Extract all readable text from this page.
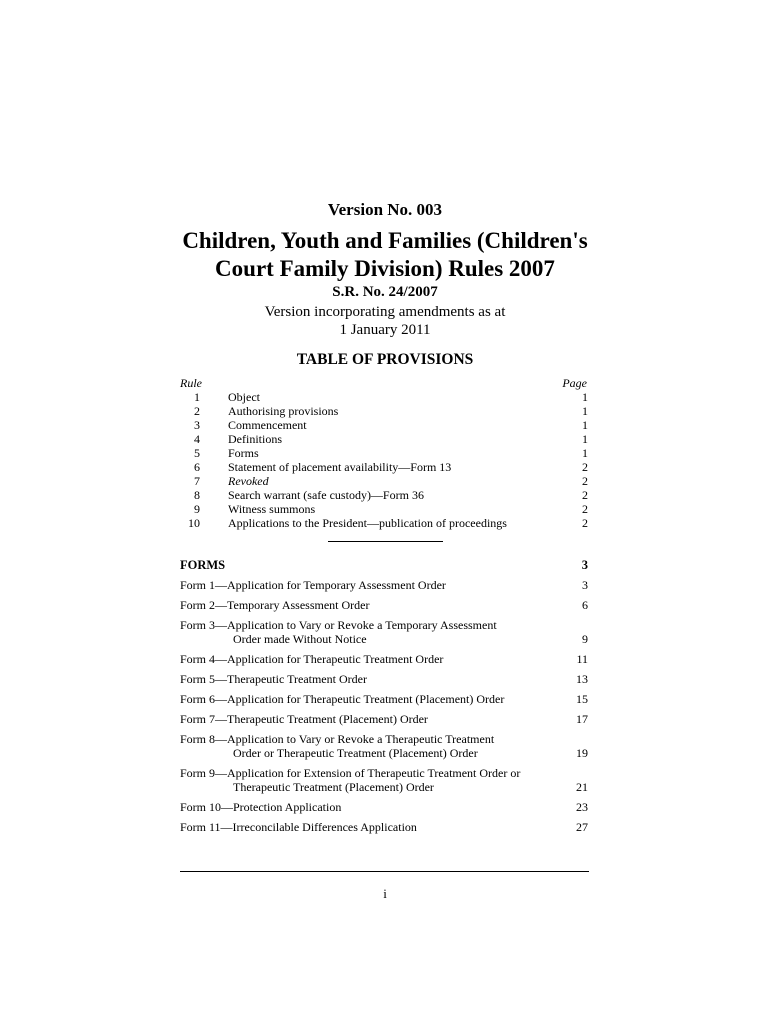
Version No. 003
Children, Youth and Families (Children's
Court Family Division) Rules 2007
S.R. No. 24/2007
Version incorporating amendments as at
1 January 2011
TABLE OF PROVISIONS
Rule	Page
1 Object	1
2 Authorising provisions	1
3 Commencement	1
4 Definitions	1
5 Forms	1
6 Statement of placement availability—Form 13	2
7 Revoked	2
8 Search warrant (safe custody)—Form 36	2
9 Witness summons	2
10 Applications to the President—publication of proceedings	2
FORMS	3
Form 1—Application for Temporary Assessment Order	3
Form 2—Temporary Assessment Order	6
Form 3—Application to Vary or Revoke a Temporary Assessment
Order made Without Notice	9
Form 4—Application for Therapeutic Treatment Order	11
Form 5—Therapeutic Treatment Order	13
Form 6—Application for Therapeutic Treatment (Placement) Order	15
Form 7—Therapeutic Treatment (Placement) Order	17
Form 8—Application to Vary or Revoke a Therapeutic Treatment
Order or Therapeutic Treatment (Placement) Order	19
Form 9—Application for Extension of Therapeutic Treatment Order or
Therapeutic Treatment (Placement) Order	21
Form 10—Protection Application	23
Form 11—Irreconcilable Differences Application	27
i
